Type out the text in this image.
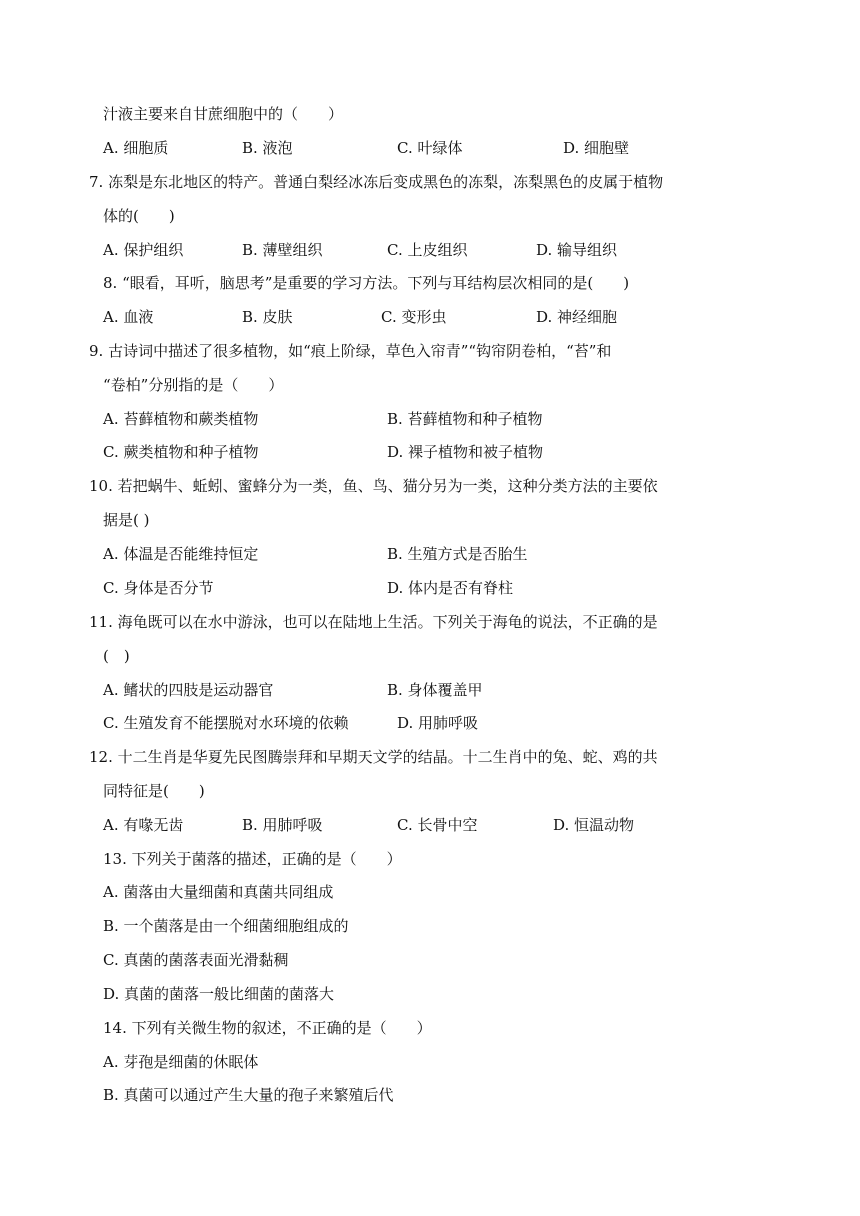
汁液主要来自甘蔗细胞中的（　　）
A. 细胞质	B. 液泡	C. 叶绿体	D. 细胞壁
7. 冻梨是东北地区的特产。普通白梨经冰冻后变成黑色的冻梨，冻梨黑色的皮属于植物
体的(　　)
A. 保护组织	B. 薄壁组织	C. 上皮组织	D. 输导组织
8. “眼看，耳听，脑思考”是重要的学习方法。下列与耳结构层次相同的是(　　)
A. 血液	B. 皮肤	C. 变形虫	D. 神经细胞
9. 古诗词中描述了很多植物，如“痕上阶绿，草色入帘青”“钩帘阴卷柏，“苔”和
“卷柏”分别指的是（　　）
A. 苔藓植物和蕨类植物	B. 苔藓植物和种子植物
C. 蕨类植物和种子植物	D. 裸子植物和被子植物
10. 若把蜗牛、蚯蚓、蜜蜂分为一类，鱼、鸟、猫分另为一类，这种分类方法的主要依
据是( )
A. 体温是否能维持恒定	B. 生殖方式是否胎生
C. 身体是否分节	D. 体内是否有脊柱
11. 海龟既可以在水中游泳，也可以在陆地上生活。下列关于海龟的说法，不正确的是
(　)
A. 鳍状的四肢是运动器官	B. 身体覆盖甲
C. 生殖发育不能摆脱对水环境的依赖	D. 用肺呼吸
12. 十二生肖是华夏先民图腾崇拜和早期天文学的结晶。十二生肖中的兔、蛇、鸡的共
同特征是(　　)
A. 有喙无齿	B. 用肺呼吸	C. 长骨中空	D. 恒温动物
13. 下列关于菌落的描述，正确的是（　　）
A. 菌落由大量细菌和真菌共同组成
B. 一个菌落是由一个细菌细胞组成的
C. 真菌的菌落表面光滑黏稠
D. 真菌的菌落一般比细菌的菌落大
14. 下列有关微生物的叙述，不正确的是（　　）
A. 芽孢是细菌的休眠体
B. 真菌可以通过产生大量的孢子来繁殖后代
